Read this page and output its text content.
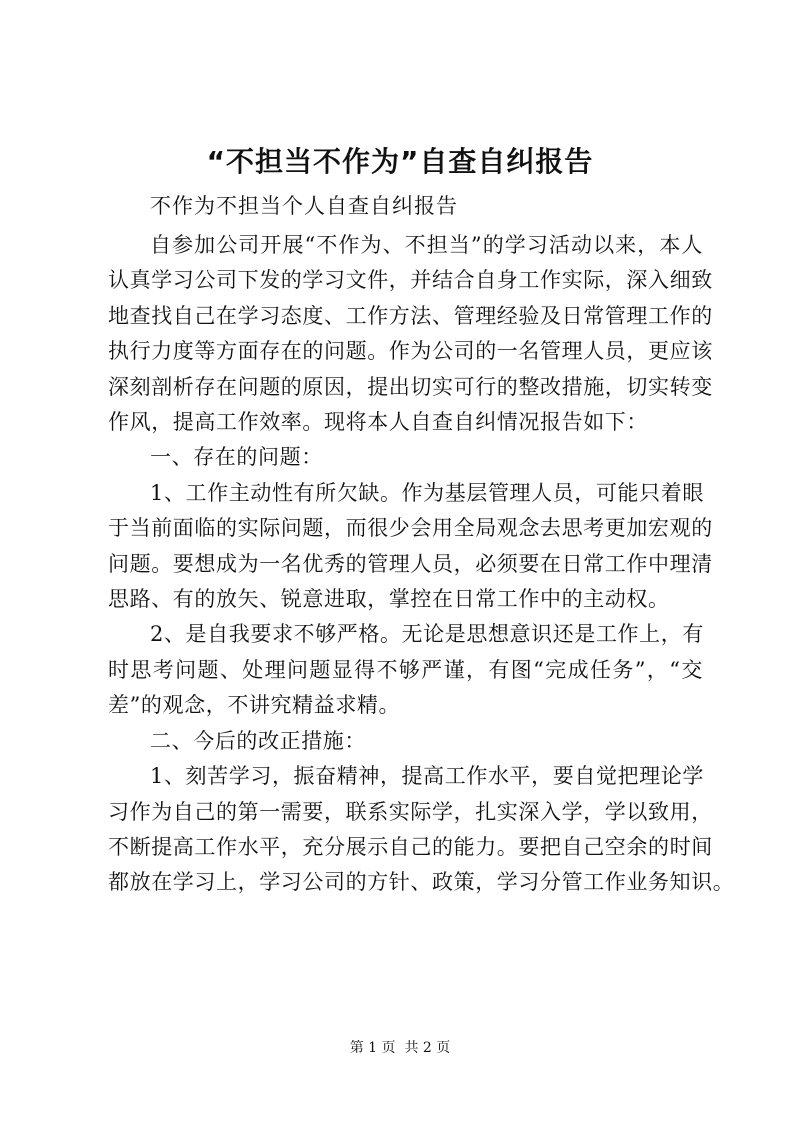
“不担当不作为”自查自纠报告
不作为不担当个人自查自纠报告

自参加公司开展“不作为、不担当”的学习活动以来，本人
认真学习公司下发的学习文件，并结合自身工作实际，深入细致
地查找自己在学习态度、工作方法、管理经验及日常管理工作的
执行力度等方面存在的问题。作为公司的一名管理人员，更应该
深刻剖析存在问题的原因，提出切实可行的整改措施，切实转变
作风，提高工作效率。现将本人自查自纠情况报告如下：

一、存在的问题：

1、工作主动性有所欠缺。作为基层管理人员，可能只着眼
于当前面临的实际问题，而很少会用全局观念去思考更加宏观的
问题。要想成为一名优秀的管理人员，必须要在日常工作中理清
思路、有的放矢、锐意进取，掌控在日常工作中的主动权。

2、是自我要求不够严格。无论是思想意识还是工作上，有
时思考问题、处理问题显得不够严谨，有图“完成任务”，“交
差”的观念，不讲究精益求精。

二、今后的改正措施：

1、刻苦学习，振奋精神，提高工作水平，要自觉把理论学
习作为自己的第一需要，联系实际学，扎实深入学，学以致用，
不断提高工作水平，充分展示自己的能力。要把自己空余的时间
都放在学习上，学习公司的方针、政策，学习分管工作业务知识。

第 1 页  共 2 页
